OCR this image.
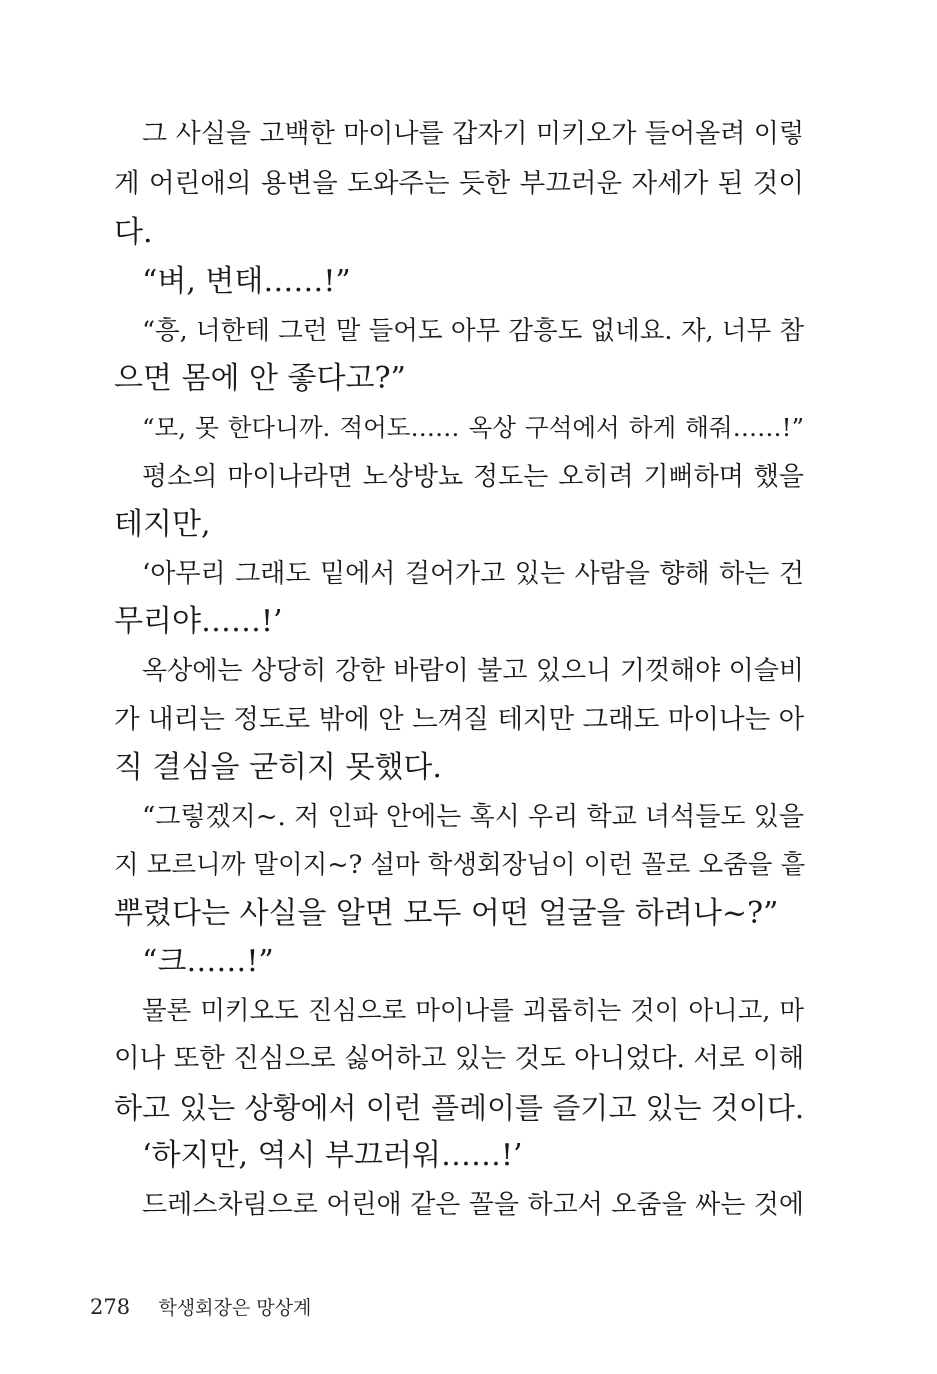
그 사실을 고백한 마이나를 갑자기 미키오가 들어올려 이렇
게 어린애의 용변을 도와주는 듯한 부끄러운 자세가 된 것이
다.
“벼, 변태……!”
“흥, 너한테 그런 말 들어도 아무 감흥도 없네요. 자, 너무 참
으면 몸에 안 좋다고?”
“모, 못 한다니까. 적어도…… 옥상 구석에서 하게 해줘……!”
평소의 마이나라면 노상방뇨 정도는 오히려 기뻐하며 했을
테지만,
‘아무리 그래도 밑에서 걸어가고 있는 사람을 향해 하는 건
무리야……!’
옥상에는 상당히 강한 바람이 불고 있으니 기껏해야 이슬비
가 내리는 정도로 밖에 안 느껴질 테지만 그래도 마이나는 아
직 결심을 굳히지 못했다.
“그렇겠지~. 저 인파 안에는 혹시 우리 학교 녀석들도 있을
지 모르니까 말이지~? 설마 학생회장님이 이런 꼴로 오줌을 흩
뿌렸다는 사실을 알면 모두 어떤 얼굴을 하려나~?”
“크……!”
물론 미키오도 진심으로 마이나를 괴롭히는 것이 아니고, 마
이나 또한 진심으로 싫어하고 있는 것도 아니었다. 서로 이해
하고 있는 상황에서 이런 플레이를 즐기고 있는 것이다.
‘하지만, 역시 부끄러워……!’
드레스차림으로 어린애 같은 꼴을 하고서 오줌을 싸는 것에
278 학생회장은 망상계
